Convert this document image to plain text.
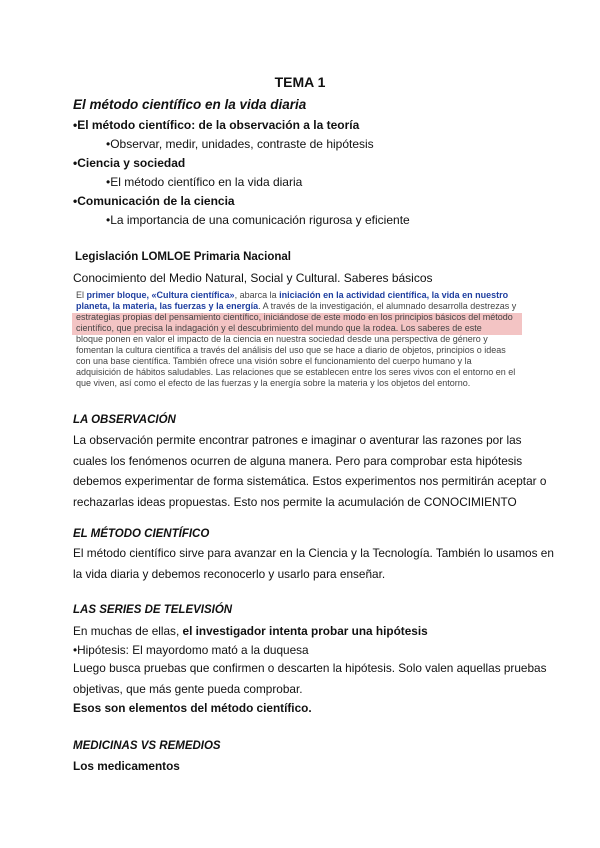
TEMA 1
El método científico en la vida diaria
•El método científico: de la observación a la teoría
•Observar, medir, unidades, contraste de hipótesis
•Ciencia y sociedad
•El método científico en la vida diaria
•Comunicación de la ciencia
•La importancia de una comunicación rigurosa y eficiente
Legislación LOMLOE Primaria Nacional
Conocimiento del Medio Natural, Social y Cultural. Saberes básicos
El primer bloque, «Cultura científica», abarca la iniciación en la actividad científica, la vida en nuestro
planeta, la materia, las fuerzas y la energía. A través de la investigación, el alumnado desarrolla destrezas y
estrategias propias del pensamiento científico, iniciándose de este modo en los principios básicos del método
científico, que precisa la indagación y el descubrimiento del mundo que la rodea. Los saberes de este
bloque ponen en valor el impacto de la ciencia en nuestra sociedad desde una perspectiva de género y
fomentan la cultura científica a través del análisis del uso que se hace a diario de objetos, principios o ideas
con una base científica. También ofrece una visión sobre el funcionamiento del cuerpo humano y la
adquisición de hábitos saludables. Las relaciones que se establecen entre los seres vivos con el entorno en el
que viven, así como el efecto de las fuerzas y la energía sobre la materia y los objetos del entorno.
LA OBSERVACIÓN
La observación permite encontrar patrones e imaginar o aventurar las razones por las
cuales los fenómenos ocurren de alguna manera. Pero para comprobar esta hipótesis
debemos experimentar de forma sistemática. Estos experimentos nos permitirán aceptar o
rechazarlas ideas propuestas. Esto nos permite la acumulación de CONOCIMIENTO
EL MÉTODO CIENTÍFICO
El método científico sirve para avanzar en la Ciencia y la Tecnología. También lo usamos en
la vida diaria y debemos reconocerlo y usarlo para enseñar.
LAS SERIES DE TELEVISIÓN
En muchas de ellas, el investigador intenta probar una hipótesis
•Hipótesis: El mayordomo mató a la duquesa
Luego busca pruebas que confirmen o descarten la hipótesis. Solo valen aquellas pruebas
objetivas, que más gente pueda comprobar.
Esos son elementos del método científico.
MEDICINAS VS REMEDIOS
Los medicamentos
